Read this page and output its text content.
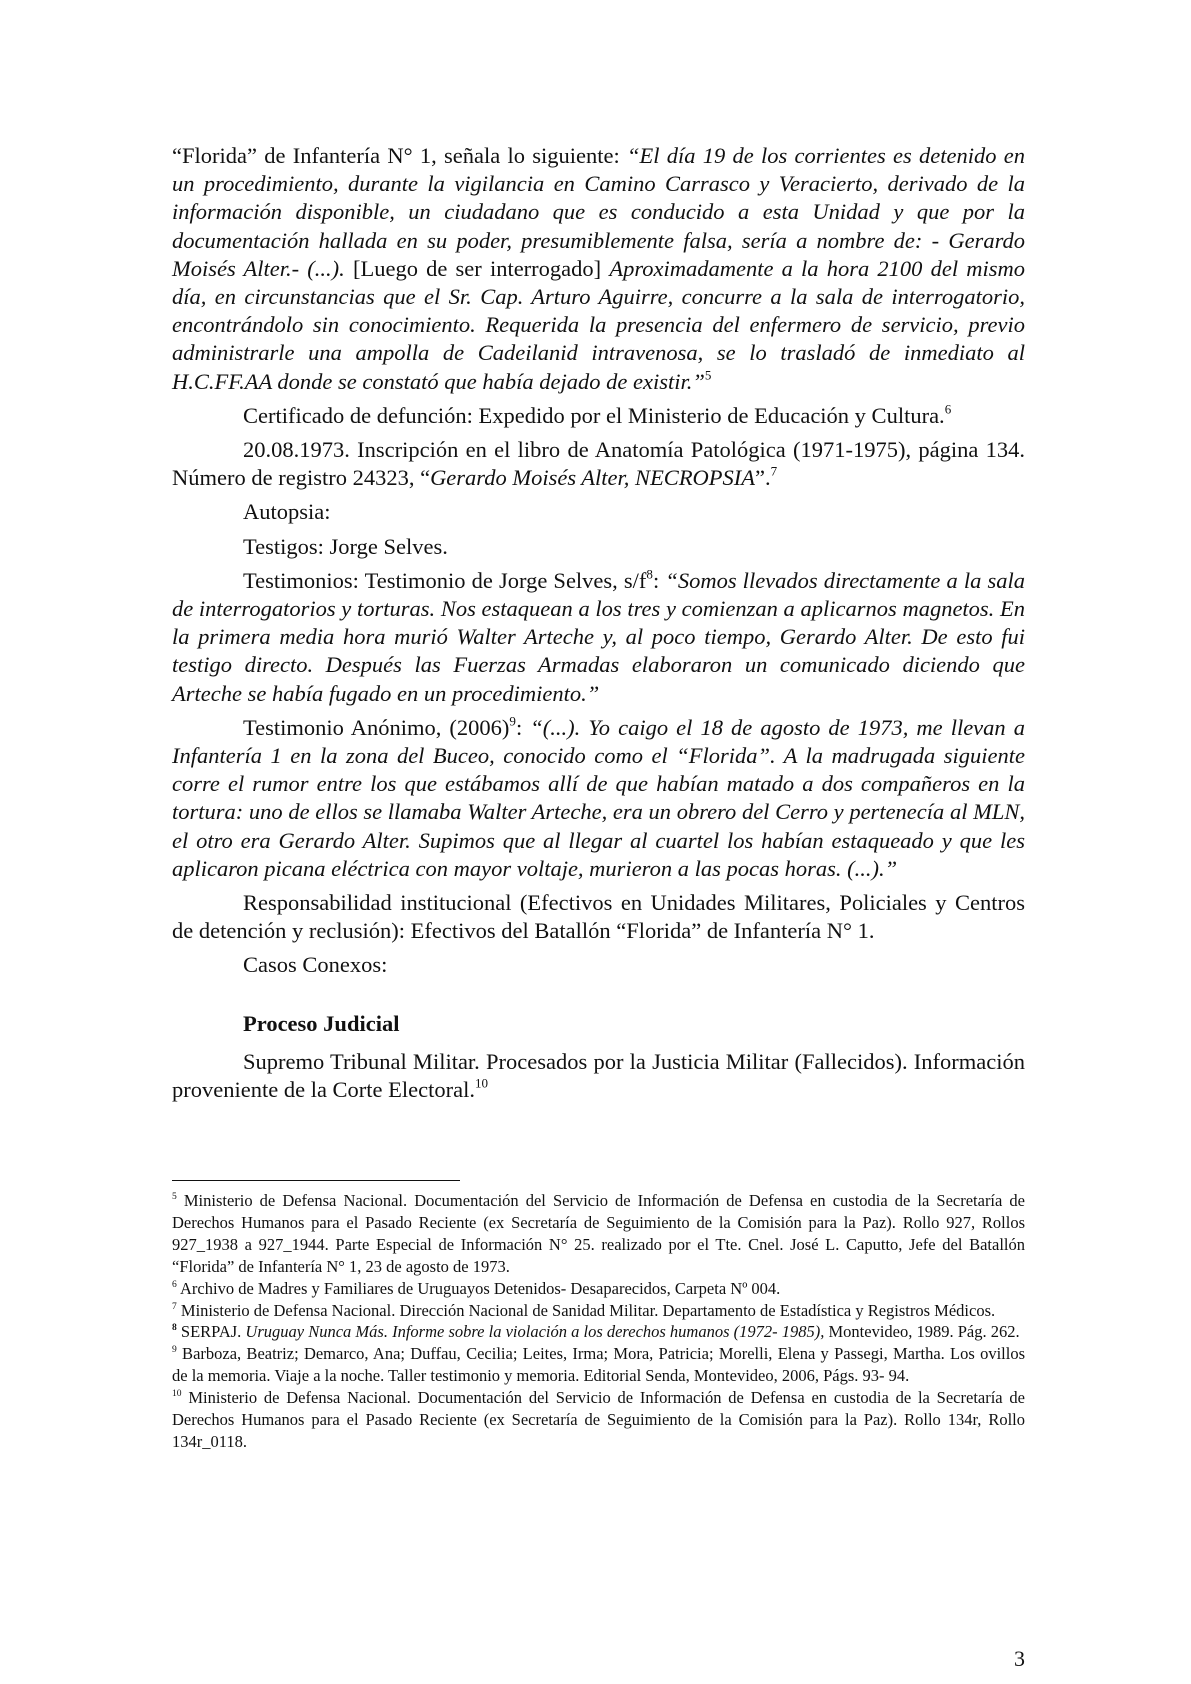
“Florida” de Infantería N° 1, señala lo siguiente: “El día 19 de los corrientes es detenido en un procedimiento, durante la vigilancia en Camino Carrasco y Veracierto, derivado de la información disponible, un ciudadano que es conducido a esta Unidad y que por la documentación hallada en su poder, presumiblemente falsa, sería a nombre de: - Gerardo Moisés Alter.- (...). [Luego de ser interrogado] Aproximadamente a la hora 2100 del mismo día, en circunstancias que el Sr. Cap. Arturo Aguirre, concurre a la sala de interrogatorio, encontrándolo sin conocimiento. Requerida la presencia del enfermero de servicio, previo administrarle una ampolla de Cadeilanid intravenosa, se lo trasladó de inmediato al H.C.FF.AA donde se constató que había dejado de existir.”$^5$

Certificado de defunción: Expedido por el Ministerio de Educación y Cultura.$^6$

20.08.1973. Inscripción en el libro de Anatomía Patológica (1971-1975), página 134. Número de registro 24323, “Gerardo Moisés Alter, NECROPSIA”.$^7$

Autopsia:

Testigos: Jorge Selves.

Testimonios: Testimonio de Jorge Selves, $s/f^8$: “Somos llevados directamente a la sala de interrogatorios y torturas. Nos estaquean a los tres y comienzan a aplicarnos magnetos. En la primera media hora murió Walter Arteche y, al poco tiempo, Gerardo Alter. De esto fui testigo directo. Después las Fuerzas Armadas elaboraron un comunicado diciendo que Arteche se había fugado en un procedimiento.”

Testimonio Anónimo, $(2006)^9$: “(...). Yo caigo el 18 de agosto de 1973, me llevan a Infantería 1 en la zona del Buceo, conocido como el “Florida”. A la madrugada siguiente corre el rumor entre los que estábamos allí de que habían matado a dos compañeros en la tortura: uno de ellos se llamaba Walter Arteche, era un obrero del Cerro y pertenecía al MLN, el otro era Gerardo Alter. Supimos que al llegar al cuartel los habían estaqueado y que les aplicaron picana eléctrica con mayor voltaje, murieron a las pocas horas. (...).”

Responsabilidad institucional (Efectivos en Unidades Militares, Policiales y Centros de detención y reclusión): Efectivos del Batallón “Florida” de Infantería N° 1.

Casos Conexos:

Proceso Judicial

Supremo Tribunal Militar. Procesados por la Justicia Militar (Fallecidos). Información proveniente de la Corte Electoral.$^{10}$

$^5$ Ministerio de Defensa Nacional. Documentación del Servicio de Información de Defensa en custodia de la Secretaría de Derechos Humanos para el Pasado Reciente (ex Secretaría de Seguimiento de la Comisión para la Paz). Rollo 927, Rollos 927_1938 a 927_1944. Parte Especial de Información N° 25. realizado por el Tte. Cnel. José L. Caputto, Jefe del Batallón “Florida” de Infantería N° 1, 23 de agosto de 1973.

$^6$ Archivo de Madres y Familiares de Uruguayos Detenidos- Desaparecidos, Carpeta Nº 004.

$^7$ Ministerio de Defensa Nacional. Dirección Nacional de Sanidad Militar. Departamento de Estadística y Registros Médicos.

$^8$ SERPAJ. Uruguay Nunca Más. Informe sobre la violación a los derechos humanos (1972- 1985), Montevideo, 1989. Pág. 262.

$^9$ Barboza, Beatriz; Demarco, Ana; Duffau, Cecilia; Leites, Irma; Mora, Patricia; Morelli, Elena y Passegi, Martha. Los ovillos de la memoria. Viaje a la noche. Taller testimonio y memoria. Editorial Senda, Montevideo, 2006, Págs. 93- 94.

$^{10}$ Ministerio de Defensa Nacional. Documentación del Servicio de Información de Defensa en custodia de la Secretaría de Derechos Humanos para el Pasado Reciente (ex Secretaría de Seguimiento de la Comisión para la Paz). Rollo 134r, Rollo 134r_0118.

3
